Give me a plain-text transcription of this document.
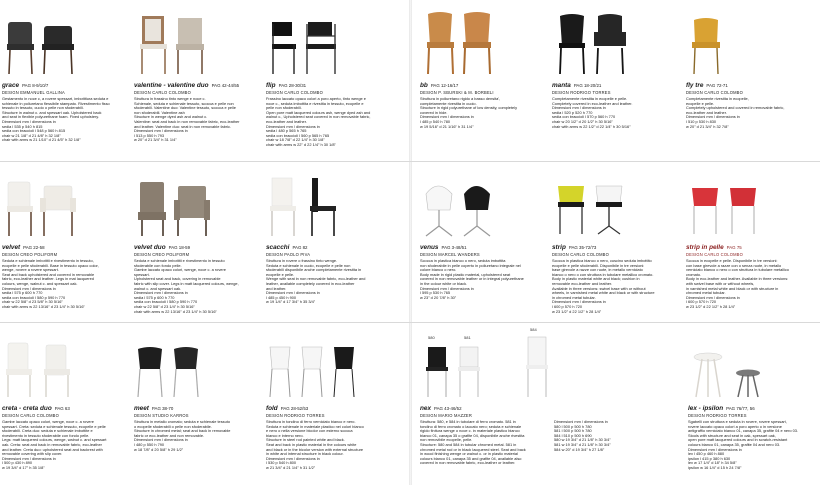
grace PAG 8-9/10/7
DESIGN EMMANUEL GALLINA

Gestamento in noce c, a rovere spessart, imbottitura seduta e

schienale in poliuretano flessibile stampato. Rivestimento fisso

tessuto in tessuto, cuoio o pelle non sfoderabili.

Structure in walnut c. and spessart oak. Upholstered back

and seat in flexible polyurethane foam. Fixed upholstery.

Dimensioni mm / dimensions in

sedia l 535 p 540 h 815

sedia con braccioli l 548 p 560 h 815

chair w 21 1/8" d 21 4/8" h 32 1/8"

chair with arms w 21 1/10" d 21 4/5" h 32 1/8"

valentine - valentine duo PAG 42-44/55
DESIGN CARLO COLOMBO

Struttura in frassino tinto wenge e noce c.

Schienale, seduta e schienale tessuto, scocca e pelle non

sfoderabili. Valentine duo: Valentine tessuto, scocca e pelle

non sfoderabili. Valentine ash

Structure in wenge dyed ash and walnut c.

Valentine: seat and back in non removable fabric, eco-leather

and leather. Valentine duo: seat in non removable fabric.

Dimensioni mm / dimensions in

l 513 p 550 h 793

w 20" d 21 3/4" h 31 1/4"

flip PAG 28-30/31
DESIGN CARLO COLOMBO

Frassino laccato opaco colori a poro aperto, tinto wenge e

noce c., seduta imbottita e rivestita in tessuto, ecopelle e

pelle non sfoderabili.

Open pore matt lacquered colours ash, wenge dyed ash and

walnut c., Upholstered seat covered in non removable fabric,

eco-leather and leather.

Dimensioni mm / dimensions in

sedia l 480 p 565 h 765

sedia con braccioli l 560 p 565 h 765

chair w 18 7/8" d 22 1/4" h 30 1/8"

chair with arms w 22" d 22 1/4" h 30 1/8"

bb PAG 12-16/17
DESIGN P. SBURSKI & M. BORBELI

Struttura in poliuretano rigido a basso densita',

completamente rivestita in cuoio.

Structure in rigid polyurethane of low density, completely

covered in hide.

Dimensioni mm / dimensions in

l 485 p 540 h 780

w 19 5/16" d 21 1/16" h 31 1/4"

manta PAG 18-20/21
DESIGN RODRIGO TORRES

Completamente rivestita in ecopelle e pelle.

Completely covered in eco-leather and leather.

Dimensioni mm / dimensions in

sedia l 520 p 520 h 770

sedia con braccioli l 570 p 560 h 770

chair w 20 1/2" d 20 1/2" h 30 5/16"

chair with arms w 22 1/2" d 22 1/4" h 30 5/16"

fly tre PAG 72-71
DESIGN CARLO COLOMBO

Completamente rivestita in ecopelle,

ecopelle e pelle.

Completely upholstered and covered in removable fabric,

eco-leather and leather.

Dimensioni mm / dimensions in

l 510 p 530 h 830

w 20" d 21 3/4" h 32 7/8"

velvet PAG 22-58
DESIGN CREO POLIFORM

Seduta e schienale imbottiti e rivestimento in tessuto,

ecopelle e pelle sfoderabili. Base in tessuto opaco color,

wenge, rovere a rovere spessart.

Seat and back upholstered and covered in removable

fabric, eco-leather and leather. Legs in mat lacquered

colours, wenge, walnut c. and spessart oak.

Dimensioni mm / dimensions in

sedia l 575 p 600 h 770

sedia con braccioli l 580 p 590 h 770

chair w 22 5/8" d 23 5/8" h 30 5/16"

chair with arms w 22 13/16" d 23 1/4" h 30 5/16"

velvet duo PAG 18-59
DESIGN CREO POLIFORM

Seduta e schienale imbottiti e rivestimento in tessuto

sfoderabile con fondo pelle.

Gambe laccato opaco colori, wenge, noce c. a rovere

spessart.

Upholstered seat and back, covering in removable

fabric with slip cover. Legs in matt lacquered colours, wenge,

walnut c. and spessart oak.

Dimensioni mm / dimensions in

sedia l 575 p 600 h 770

sedia con braccioli l 580 p 590 h 770

chair w 22 5/8" d 23 1/4" h 30 5/16"

chair with arms w 22 13/16" d 23 1/4" h 30 5/16"

scacchi PAG 82
DESIGN PAOLO PIVA

Struttura in rovere o frassino tinto wenge.

Seduta e schienale in cuoio, ecopelle e pelle non

sfoderabili disponibile anche completamente rivestita in

ecopelle e pelle.

Wenge with seat in non removable fabric, eco-leather and

leather, available completely covered in eco-leather

and leather.

Dimensioni mm / dimensions in

l 485 p 450 h 900

w 19 1/4" d 17 3/4" h 35 3/4"

venus PAG 3-48/51
DESIGN MARCEL WANDERS

Scocca in plastica bianco o nero, seduta imbottita

non sfoderabile in pelle coperto in poliuretano integrale nel

colore bianco o nero.

Body made in rigid plastic material, upholstered seat

covered in non removable leather or in integral polyurethane

in the colour white or black.

Dimensioni mm / dimensions in

l 595 p 530 h 765

w 23" d 20 7/8" h 30"

strip PAG 35-72/73
DESIGN CARLO COLOMBO

Scocca in plastica bianco o nero, cuscino seduta imbottito

ecopelle e pelle sfoderabili. Disponibile in tre versioni:

base girevole a razze con ruote, in metallo verniciato

bianco o nero o con struttura in tubolare metallico cromato.

Body in plastic material white and black; cushion in

removable eco-leather and leather.

Available in three versions: swivel base with or without

wheels, in varnished metal white and black or with structure

in chromed metal tubular.

Dimensioni mm / dimensions in

l 600 p 570 h 720

w 23 1/2" d 22 1/2" h 28 1/4"

strip in pelle PAG 75
DESIGN CARLO COLOMBO

Scocca in ecopelle e pelle. Disponibile in tre versioni:

con base girevole a razze con o senza ruote, in metallo

verniciato bianco o nero o con struttura in tubolare metallico

cromato.

Body in eco-leather and leather. Available in three versions:

with swivel base with or without wheels,

in varnished metal white and black or with structure in

chromed metal tubular.

Dimensioni mm / dimensions in

l 600 p 570 h 720

w 23 1/2" d 22 1/2" h 28 1/4"

creta - creta duo PAG 63
DESIGN CARLO COLOMBO

Gambe laccato opaco colori, wenge, noce c. a rovere

spessart. Creta: seduta e schienale tessuto, ecopelle e pelle

sfoderabili. Creta duo: seduta e schienale imbottite e

rivestimento in tessuto sfoderabile con fondo pelle.

Legs: matt lacquered colours, wenge, walnut c. and spessart

oak. Creta: seat and back in removable fabric, eco-leather

and leather. Creta duo: upholstered seat and backrest with

removable covering with slip cover.

Dimensioni mm / dimensions in

l 500 p 430 h 890

w 19 3/4" d 17" h 35 1/8"

meet PAG 38-70
DESIGN STUDIO KARROS

Struttura in metallo cromato; seduta e schienale tessuto

o ecopelle sfoderabili o pelle non sfoderabile.

Structure in chromed metal; seat and back in removable

fabric or eco-leather and non removable.

Dimensioni mm / dimensions in

l 480 p 550 h 790

w 18 7/8" d 20 5/8" h 29 1/2"

fold PAG 28-52/53
DESIGN RODRIGO TORRES

Struttura in tondino di ferro verniciato bianco e nero.

Seduta e schienale in materiale plastico nei colori bianco

e nero o nella versione bicolor con esterno scocca

bianco e interno nero.

Structure in steel rod painted white and black.

Seat and back in plastic material in the colours white

and black or in the bicolor version with external structure

in white and internal structure in black colour.

Dimensioni mm / dimensions in

l 530 p 540 h 800

w 21 3/4" d 21 1/4" h 31 1/2"

580	581
584
nex PAG 43-46/52
DESIGN MARIO MAZZER

Struttura: 580, e 584 in tubolare di ferro cromato. 581 in

tondino di ferro cromato o laccato nero; seduta e schienale

rigido finitura wenge o noce c. in materiale plastico bianco

bianco 01, canapa 35 o grafite 04, disponibile anche rivestita

non removibile ecopelle, pelle.

Structure: 580 and 584 in tubular chromed metal. 581 in

chromed metal rod or in black lacquered steel. Seat and back

in wood finishing wenge or walnut c. or in plastic material

colours bianco 01, canapa 35 and grafite 04, available also

covered in non removable fabric, eco-leather or leather.

Dimensioni mm / dimensions in

580 l 500 p 500 h 780

581 l 500 p 500 h 780

584 l 510 p 500 h 690

580 w 19 3/4" d 21 1/8" h 30 3/4"

581 w 19 3/4" d 21 1/8" h 30 3/4"

584 w 20" d 19 3/4" h 27 1/8"

lex - ipsilon PAG 76/77, 56
DESIGN RODRIGO TORRES

Sgabelli con struttura e seduta in rovere, rovere spessart,

rovere laccato opaco colori a poro aperto o in versione

antigraffio verniciato bianco 01, canapa 35, grafite 04 e nero 03.

Stools with structure and seat in oak, spessart oak,

open pore matt lacquered colours and in scratch-resistant

colours bianco 01, canapa 35, grafite 04 and nero 03.

Dimensioni mm / dimensions in

lex l 450 p 460 h 880

ipsilon l 415 p 380 h 630

lex w 17 1/4" d 18" h 34 5/8"

ipsilon w 16 1/4" d 15 h 24 7/8"
